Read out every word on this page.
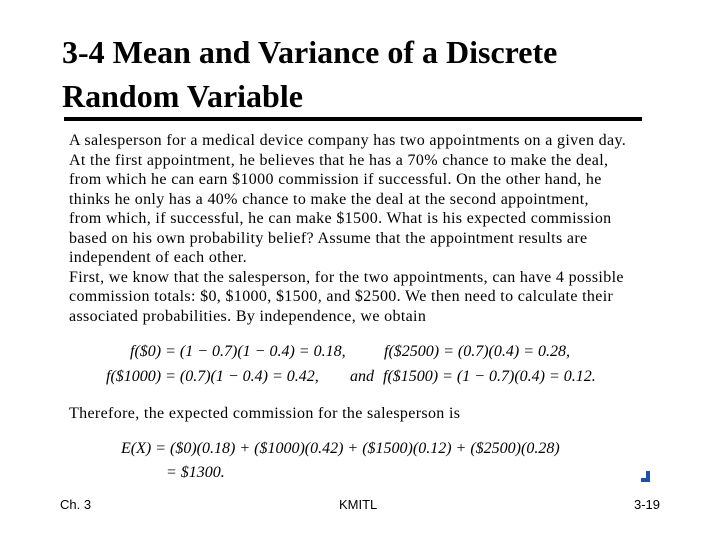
3-4 Mean and Variance of a Discrete
Random Variable
A salesperson for a medical device company has two appointments on a given day.
At the first appointment, he believes that he has a 70% chance to make the deal,
from which he can earn $1000 commission if successful. On the other hand, he
thinks he only has a 40% chance to make the deal at the second appointment,
from which, if successful, he can make $1500. What is his expected commission
based on his own probability belief? Assume that the appointment results are
independent of each other.
First, we know that the salesperson, for the two appointments, can have 4 possible
commission totals: $0, $1000, $1500, and $2500. We then need to calculate their
associated probabilities. By independence, we obtain
f($0) = (1 − 0.7)(1 − 0.4) = 0.18, f($2500) = (0.7)(0.4) = 0.28,
f($1000) = (0.7)(1 − 0.4) = 0.42, and f($1500) = (1 − 0.7)(0.4) = 0.12.
Therefore, the expected commission for the salesperson is
E(X) = ($0)(0.18) + ($1000)(0.42) + ($1500)(0.12) + ($2500)(0.28)
= $1300.
Ch. 3	KMITL	3-19
